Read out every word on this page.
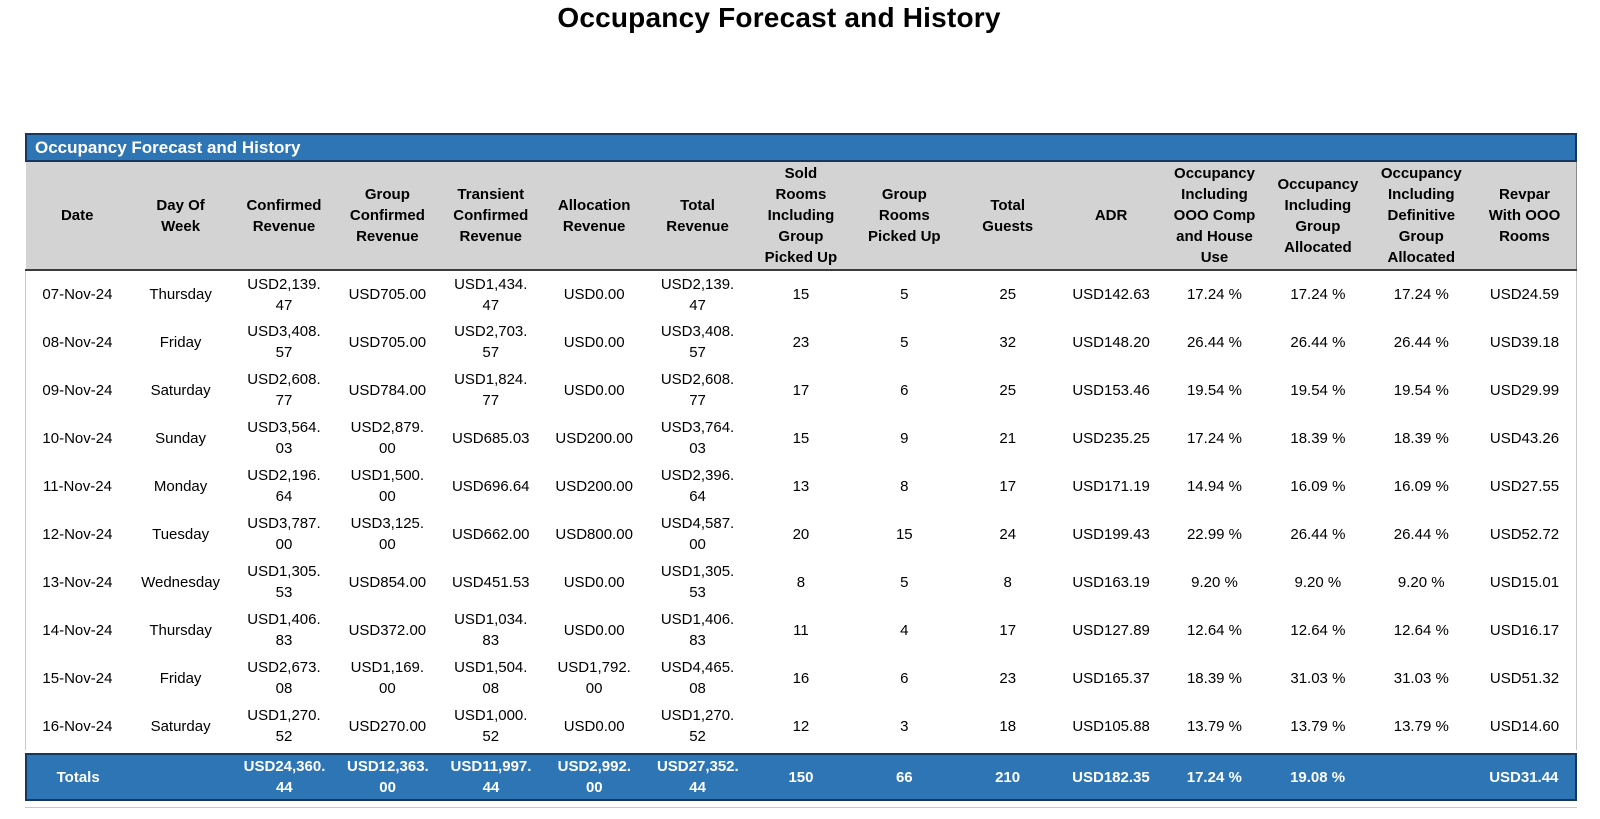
Occupancy Forecast and History
Occupancy Forecast and History
Date	Day Of Week	Confirmed Revenue	Group Confirmed Revenue	Transient Confirmed Revenue	Allocation Revenue	Total Revenue	Sold Rooms Including Group Picked Up	Group Rooms Picked Up	Total Guests	ADR	Occupancy Including OOO Comp and House Use	Occupancy Including Group Allocated	Occupancy Including Definitive Group Allocated	Revpar With OOO Rooms
07-Nov-24	Thursday	USD2,139.47	USD705.00	USD1,434.47	USD0.00	USD2,139.47	15	5	25	USD142.63	17.24 %	17.24 %	17.24 %	USD24.59
08-Nov-24	Friday	USD3,408.57	USD705.00	USD2,703.57	USD0.00	USD3,408.57	23	5	32	USD148.20	26.44 %	26.44 %	26.44 %	USD39.18
09-Nov-24	Saturday	USD2,608.77	USD784.00	USD1,824.77	USD0.00	USD2,608.77	17	6	25	USD153.46	19.54 %	19.54 %	19.54 %	USD29.99
10-Nov-24	Sunday	USD3,564.03	USD2,879.00	USD685.03	USD200.00	USD3,764.03	15	9	21	USD235.25	17.24 %	18.39 %	18.39 %	USD43.26
11-Nov-24	Monday	USD2,196.64	USD1,500.00	USD696.64	USD200.00	USD2,396.64	13	8	17	USD171.19	14.94 %	16.09 %	16.09 %	USD27.55
12-Nov-24	Tuesday	USD3,787.00	USD3,125.00	USD662.00	USD800.00	USD4,587.00	20	15	24	USD199.43	22.99 %	26.44 %	26.44 %	USD52.72
13-Nov-24	Wednesday	USD1,305.53	USD854.00	USD451.53	USD0.00	USD1,305.53	8	5	8	USD163.19	9.20 %	9.20 %	9.20 %	USD15.01
14-Nov-24	Thursday	USD1,406.83	USD372.00	USD1,034.83	USD0.00	USD1,406.83	11	4	17	USD127.89	12.64 %	12.64 %	12.64 %	USD16.17
15-Nov-24	Friday	USD2,673.08	USD1,169.00	USD1,504.08	USD1,792.00	USD4,465.08	16	6	23	USD165.37	18.39 %	31.03 %	31.03 %	USD51.32
16-Nov-24	Saturday	USD1,270.52	USD270.00	USD1,000.52	USD0.00	USD1,270.52	12	3	18	USD105.88	13.79 %	13.79 %	13.79 %	USD14.60
Totals		USD24,360.44	USD12,363.00	USD11,997.44	USD2,992.00	USD27,352.44	150	66	210	USD182.35	17.24 %	19.08 %		USD31.44
